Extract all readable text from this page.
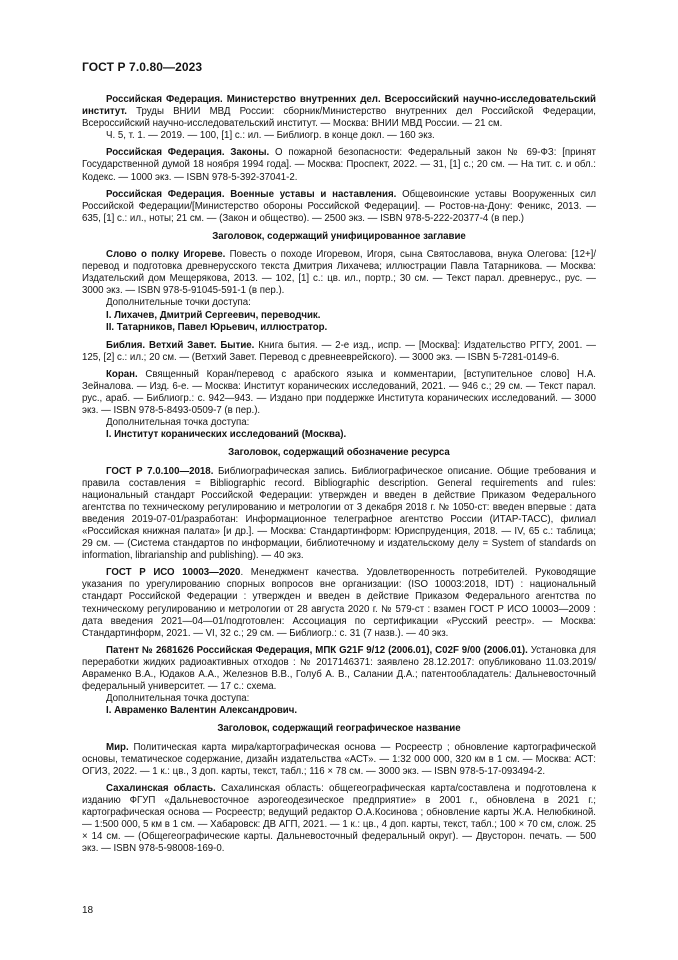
ГОСТ Р 7.0.80—2023

Российская Федерация. Министерство внутренних дел. Всероссийский научно-исследовательский институт. Труды ВНИИ МВД России: сборник/Министерство внутренних дел Российской Федерации, Всероссийский научно-исследовательский институт. — Москва: ВНИИ МВД России. — 21 см.

Ч. 5, т. 1. — 2019. — 100, [1] с.: ил. — Библиогр. в конце докл. — 160 экз.

Российская Федерация. Законы. О пожарной безопасности: Федеральный закон № 69-ФЗ: [принят Государственной думой 18 ноября 1994 года]. — Москва: Проспект, 2022. — 31, [1] с.; 20 см. — На тит. с. и обл.: Кодекс. — 1000 экз. — ISBN 978-5-392-37041-2.

Российская Федерация. Военные уставы и наставления. Общевоинские уставы Вооруженных сил Российской Федерации/[Министерство обороны Российской Федерации]. — Ростов-на-Дону: Феникс, 2013. — 635, [1] с.: ил., ноты; 21 см. — (Закон и общество). — 2500 экз. — ISBN 978-5-222-20377-4 (в пер.)

Заголовок, содержащий унифицированное заглавие

Слово о полку Игореве. Повесть о походе Игоревом, Игоря, сына Святославова, внука Олегова: [12+]/перевод и подготовка древнерусского текста Дмитрия Лихачева; иллюстрации Павла Татарникова. — Москва: Издательский дом Мещерякова, 2013. — 102, [1] с.: цв. ил., портр.; 30 см. — Текст парал. древнерус., рус. — 3000 экз. — ISBN 978-5-91045-591-1 (в пер.).

Дополнительные точки доступа:

I. Лихачев, Дмитрий Сергеевич, переводчик.

II. Татарников, Павел Юрьевич, иллюстратор.

Библия. Ветхий Завет. Бытие. Книга бытия. — 2-е изд., испр. — [Москва]: Издательство РГГУ, 2001. — 125, [2] с.: ил.; 20 см. — (Ветхий Завет. Перевод с древнееврейского). — 3000 экз. — ISBN 5-7281-0149-6.

Коран. Священный Коран/перевод с арабского языка и комментарии, [вступительное слово] Н.А. Зейналова. — Изд. 6-е. — Москва: Институт коранических исследований, 2021. — 946 с.; 29 см. — Текст парал. рус., араб. — Библиогр.: с. 942—943. — Издано при поддержке Института коранических исследований. — 3000 экз. — ISBN 978-5-8493-0509-7 (в пер.).

Дополнительная точка доступа:

I. Институт коранических исследований (Москва).

Заголовок, содержащий обозначение ресурса

ГОСТ Р 7.0.100—2018. Библиографическая запись. Библиографическое описание. Общие требования и правила составления = Bibliographic record. Bibliographic description. General requirements and rules: национальный стандарт Российской Федерации: утвержден и введен в действие Приказом Федерального агентства по техническому регулированию и метрологии от 3 декабря 2018 г. № 1050-ст: введен впервые : дата введения 2019-07-01/разработан: Информационное телеграфное агентство России (ИТАР-ТАСС), филиал «Российская книжная палата» [и др.]. — Москва: Стандартинформ: Юриспруденция, 2018. — IV, 65 с.: таблица; 29 см. — (Система стандартов по информации, библиотечному и издательскому делу = System of standards on information, librarianship and publishing). — 40 экз.

ГОСТ Р ИСО 10003—2020. Менеджмент качества. Удовлетворенность потребителей. Руководящие указания по урегулированию спорных вопросов вне организации: (ISO 10003:2018, IDT) : национальный стандарт Российской Федерации : утвержден и введен в действие Приказом Федерального агентства по техническому регулированию и метрологии от 28 августа 2020 г. № 579-ст : взамен ГОСТ Р ИСО 10003—2009 : дата введения 2021—04—01/подготовлен: Ассоциация по сертификации «Русский реестр». — Москва: Стандартинформ, 2021. — VI, 32 с.; 29 см. — Библиогр.: с. 31 (7 назв.). — 40 экз.

Патент № 2681626 Российская Федерация, МПК G21F 9/12 (2006.01), C02F 9/00 (2006.01). Установка для переработки жидких радиоактивных отходов : № 2017146371: заявлено 28.12.2017: опубликовано 11.03.2019/Авраменко В.А., Юдаков А.А., Железнов В.В., Голуб А. В., Салании Д.А.; патентообладатель: Дальневосточный федеральный университет. — 17 с.: схема.

Дополнительная точка доступа:

I. Авраменко Валентин Александрович.

Заголовок, содержащий географическое название

Мир. Политическая карта мира/картографическая основа — Росреестр ; обновление картографической основы, тематическое содержание, дизайн издательства «АСТ». — 1:32 000 000, 320 км в 1 см. — Москва: АСТ: ОГИЗ, 2022. — 1 к.: цв., 3 доп. карты, текст, табл.; 116 × 78 см. — 3000 экз. — ISBN 978-5-17-093494-2.

Сахалинская область. Сахалинская область: общегеографическая карта/составлена и подготовлена к изданию ФГУП «Дальневосточное аэрогеодезическое предприятие» в 2001 г., обновлена в 2021 г.; картографическая основа — Росреестр; ведущий редактор О.А.Косинова ; обновление карты Ж.А. Нелюбкиной. — 1:500 000, 5 км в 1 см. — Хабаровск: ДВ АГП, 2021. — 1 к.: цв., 4 доп. карты, текст, табл.; 100 × 70 см, слож. 25 × 14 см. — (Общегеографические карты. Дальневосточный федеральный округ). — Двусторон. печать. — 500 экз. — ISBN 978-5-98008-169-0.

18
